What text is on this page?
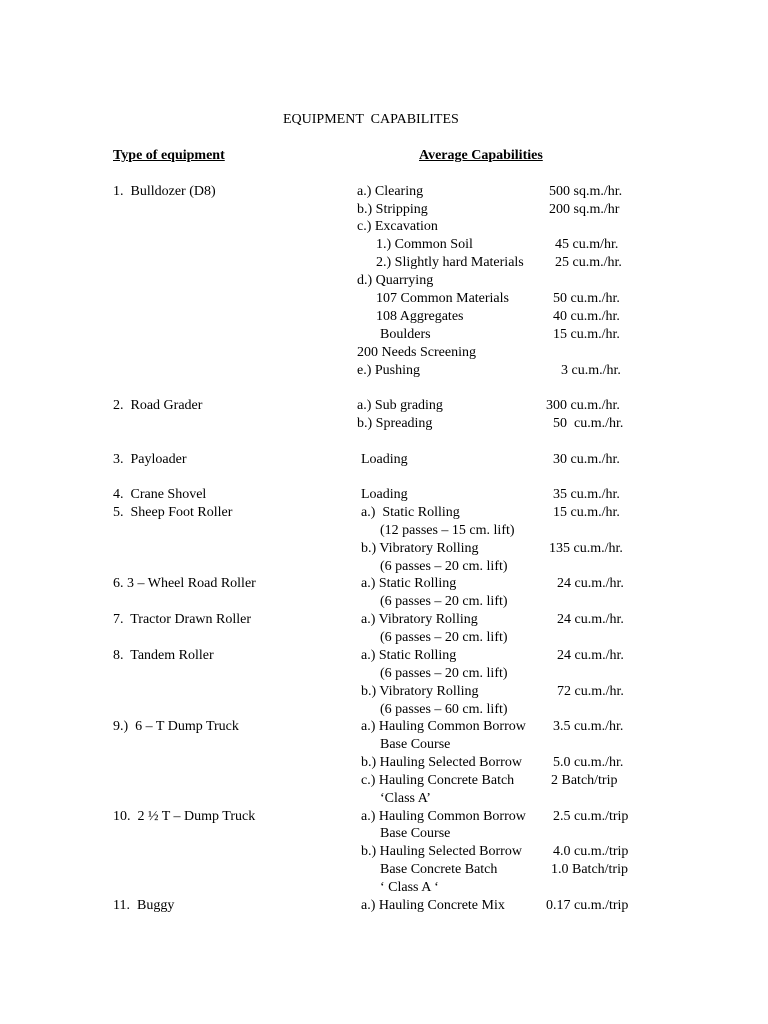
EQUIPMENT  CAPABILITES
Type of equipment	Average Capabilities
1.  Bulldozer (D8)	a.) Clearing	500 sq.m./hr.
b.) Stripping	200 sq.m./hr
c.) Excavation
1.) Common Soil	45 cu.m/hr.
2.) Slightly hard Materials 25 cu.m./hr.
d.) Quarrying
107 Common Materials	50 cu.m./hr.
108 Aggregates	40 cu.m./hr.
Boulders	15 cu.m./hr.
200 Needs Screening
e.) Pushing	3 cu.m./hr.
2.  Road Grader	a.) Sub grading	300 cu.m./hr.
b.) Spreading	50  cu.m./hr.
3.  Payloader	Loading	30 cu.m./hr.
4.  Crane Shovel	Loading	35 cu.m./hr.
5.  Sheep Foot Roller	a.)  Static Rolling	15 cu.m./hr.
(12 passes – 15 cm. lift)
b.) Vibratory Rolling	135 cu.m./hr.
(6 passes – 20 cm. lift)
6. 3 – Wheel Road Roller	a.) Static Rolling	24 cu.m./hr.
(6 passes – 20 cm. lift)
7.  Tractor Drawn Roller	a.) Vibratory Rolling	24 cu.m./hr.
(6 passes – 20 cm. lift)
8.  Tandem Roller	a.) Static Rolling	24 cu.m./hr.
(6 passes – 20 cm. lift)
b.) Vibratory Rolling	72 cu.m./hr.
(6 passes – 60 cm. lift)
9.)  6 – T Dump Truck	a.) Hauling Common Borrow 3.5 cu.m./hr.
Base Course
b.) Hauling Selected Borrow 5.0 cu.m./hr.
c.) Hauling Concrete Batch	2 Batch/trip
‘Class A’
10.  2 ½ T – Dump Truck	a.) Hauling Common Borrow 2.5 cu.m./trip
Base Course
b.) Hauling Selected Borrow 4.0 cu.m./trip
Base Concrete Batch	1.0 Batch/trip
‘ Class A ‘
11.  Buggy	a.) Hauling Concrete Mix	0.17 cu.m./trip
